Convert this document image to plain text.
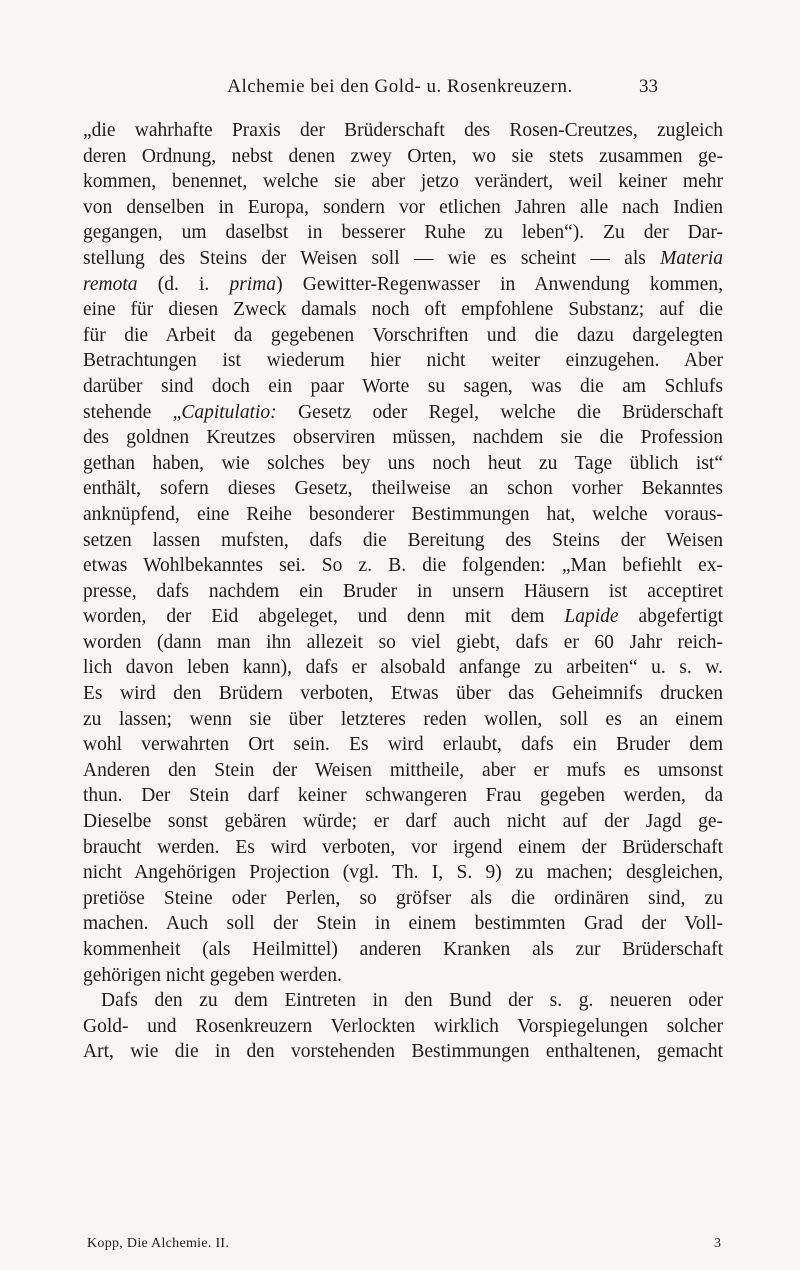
Alchemie bei den Gold- u. Rosenkreuzern.	33
„die wahrhafte Praxis der Brüderschaft des Rosen-Creutzes, zugleich
deren Ordnung, nebst denen zwey Orten, wo sie stets zusammen ge-
kommen, benennet, welche sie aber jetzo verändert, weil keiner mehr
von denselben in Europa, sondern vor etlichen Jahren alle nach Indien
gegangen, um daselbst in besserer Ruhe zu leben“). Zu der Dar-
stellung des Steins der Weisen soll — wie es scheint — als Materia
remota (d. i. prima) Gewitter-Regenwasser in Anwendung kommen,
eine für diesen Zweck damals noch oft empfohlene Substanz; auf die
für die Arbeit da gegebenen Vorschriften und die dazu dargelegten
Betrachtungen ist wiederum hier nicht weiter einzugehen. Aber
darüber sind doch ein paar Worte su sagen, was die am Schlufs
stehende „Capitulatio: Gesetz oder Regel, welche die Brüderschaft
des goldnen Kreutzes observiren müssen, nachdem sie die Profession
gethan haben, wie solches bey uns noch heut zu Tage üblich ist“
enthält, sofern dieses Gesetz, theilweise an schon vorher Bekanntes
anknüpfend, eine Reihe besonderer Bestimmungen hat, welche voraus-
setzen lassen mufsten, dafs die Bereitung des Steins der Weisen
etwas Wohlbekanntes sei. So z. B. die folgenden: „Man befiehlt ex-
presse, dafs nachdem ein Bruder in unsern Häusern ist acceptiret
worden, der Eid abgeleget, und denn mit dem Lapide abgefertigt
worden (dann man ihn allezeit so viel giebt, dafs er 60 Jahr reich-
lich davon leben kann), dafs er alsobald anfange zu arbeiten“ u. s. w.
Es wird den Brüdern verboten, Etwas über das Geheimnifs drucken
zu lassen; wenn sie über letzteres reden wollen, soll es an einem
wohl verwahrten Ort sein. Es wird erlaubt, dafs ein Bruder dem
Anderen den Stein der Weisen mittheile, aber er mufs es umsonst
thun. Der Stein darf keiner schwangeren Frau gegeben werden, da
Dieselbe sonst gebären würde; er darf auch nicht auf der Jagd ge-
braucht werden. Es wird verboten, vor irgend einem der Brüderschaft
nicht Angehörigen Projection (vgl. Th. I, S. 9) zu machen; desgleichen,
pretiöse Steine oder Perlen, so gröfser als die ordinären sind, zu
machen. Auch soll der Stein in einem bestimmten Grad der Voll-
kommenheit (als Heilmittel) anderen Kranken als zur Brüderschaft
gehörigen nicht gegeben werden.
Dafs den zu dem Eintreten in den Bund der s. g. neueren oder
Gold- und Rosenkreuzern Verlockten wirklich Vorspiegelungen solcher
Art, wie die in den vorstehenden Bestimmungen enthaltenen, gemacht
Kopp, Die Alchemie. II.	3
